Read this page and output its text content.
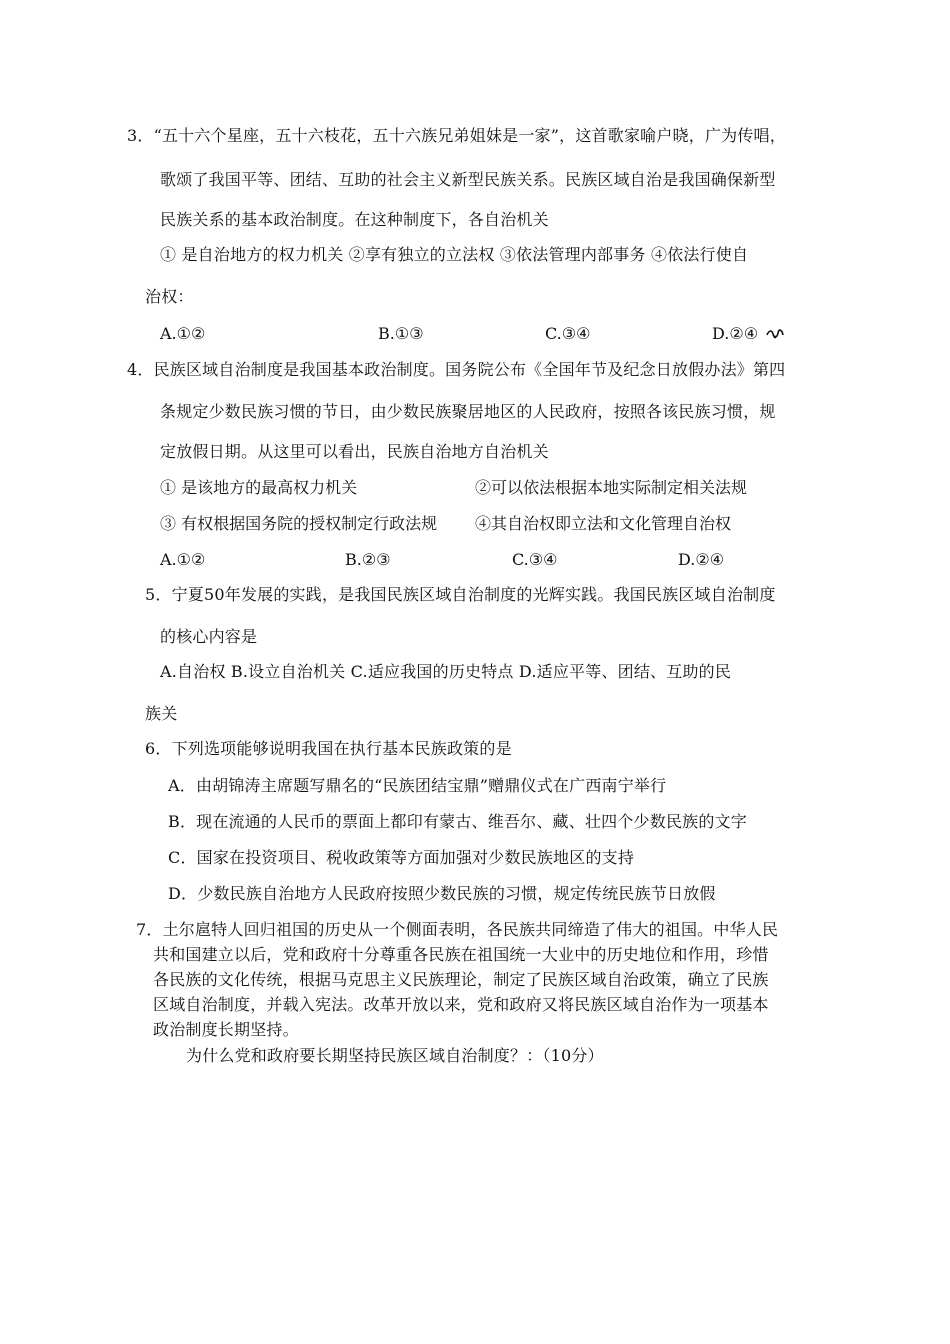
3．“五十六个星座，五十六枝花，五十六族兄弟姐妹是一家”，这首歌家喻户晓，广为传唱，
歌颂了我国平等、团结、互助的社会主义新型民族关系。民族区域自治是我国确保新型
民族关系的基本政治制度。在这种制度下，各自治机关
① 是自治地方的权力机关 ②享有独立的立法权 ③依法管理内部事务 ④依法行使自
治权：
A.①②	B.①③	C.③④	D.②④
4．民族区域自治制度是我国基本政治制度。国务院公布《全国年节及纪念日放假办法》第四
条规定少数民族习惯的节日，由少数民族聚居地区的人民政府，按照各该民族习惯，规
定放假日期。从这里可以看出，民族自治地方自治机关
① 是该地方的最高权力机关	②可以依法根据本地实际制定相关法规
③ 有权根据国务院的授权制定行政法规 ④其自治权即立法和文化管理自治权
A.①②	B.②③	C.③④	D.②④
5．宁夏50年发展的实践，是我国民族区域自治制度的光辉实践。我国民族区域自治制度
的核心内容是
A.自治权 B.设立自治机关 C.适应我国的历史特点 D.适应平等、团结、互助的民
族关
6．下列选项能够说明我国在执行基本民族政策的是
A．由胡锦涛主席题写鼎名的“民族团结宝鼎”赠鼎仪式在广西南宁举行
B．现在流通的人民币的票面上都印有蒙古、维吾尔、藏、壮四个少数民族的文字
C．国家在投资项目、税收政策等方面加强对少数民族地区的支持
D．少数民族自治地方人民政府按照少数民族的习惯，规定传统民族节日放假
7．土尔扈特人回归祖国的历史从一个侧面表明，各民族共同缔造了伟大的祖国。中华人民
共和国建立以后，党和政府十分尊重各民族在祖国统一大业中的历史地位和作用，珍惜
各民族的文化传统，根据马克思主义民族理论，制定了民族区域自治政策，确立了民族
区域自治制度，并载入宪法。改革开放以来，党和政府又将民族区域自治作为一项基本
政治制度长期坚持。
为什么党和政府要长期坚持民族区域自治制度？：（10分）
